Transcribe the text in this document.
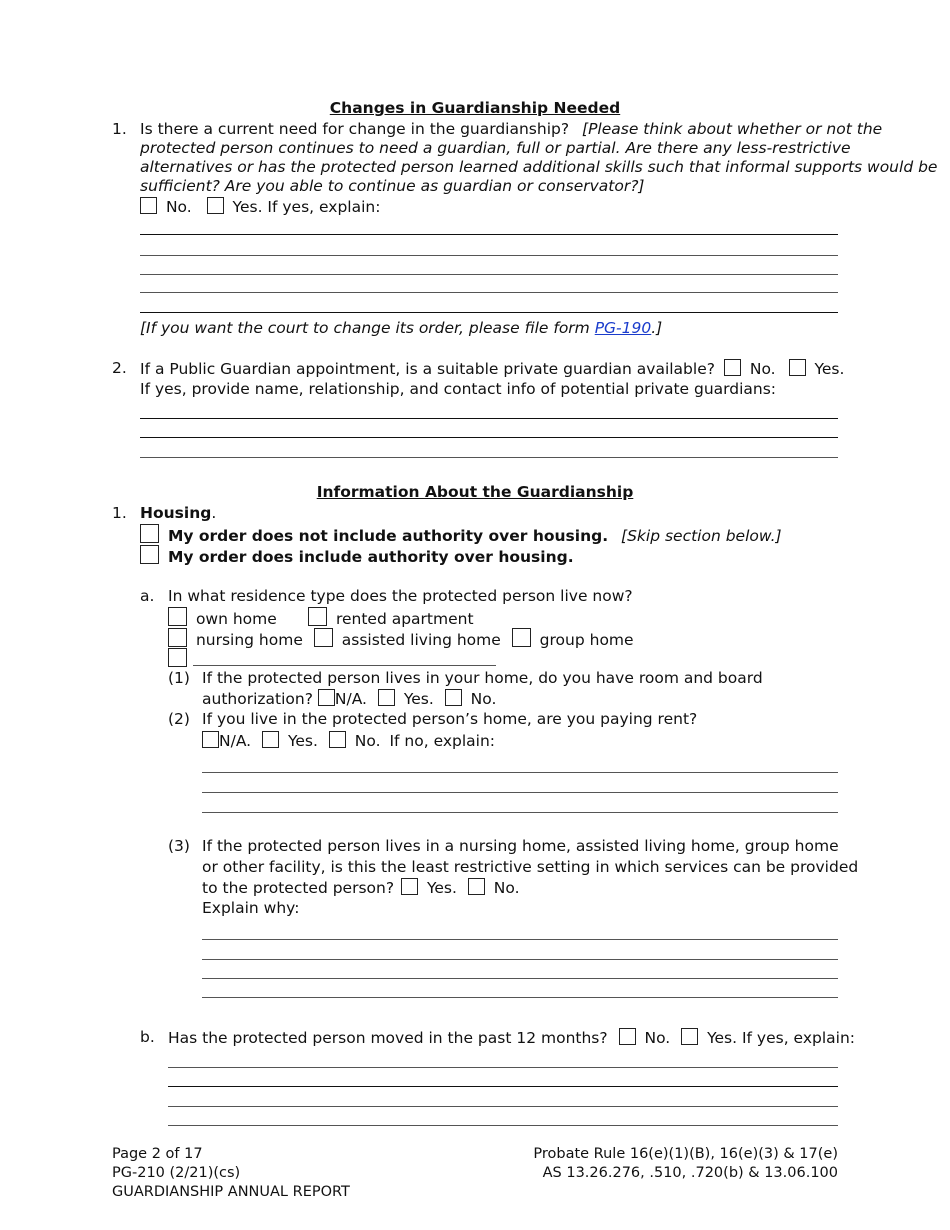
Changes in Guardianship Needed
1. Is there a current need for change in the guardianship? [Please think about whether or not the
protected person continues to need a guardian, full or partial. Are there any less-restrictive
alternatives or has the protected person learned additional skills such that informal supports would be
sufficient? Are you able to continue as guardian or conservator?]
No.	Yes. If yes, explain:
[If you want the court to change its order, please file form PG-190.]
2. If a Public Guardian appointment, is a suitable private guardian available? No.	Yes.
If yes, provide name, relationship, and contact info of potential private guardians:
Information About the Guardianship
1. Housing.
My order does not include authority over housing. [Skip section below.]
My order does include authority over housing.
a. In what residence type does the protected person live now?
own home	rented apartment
nursing home	assisted living home	group home
(1) If the protected person lives in your home, do you have room and board
authorization? N/A. Yes. No.
(2) If you live in the protected person’s home, are you paying rent?
N/A. Yes. No. If no, explain:
(3) If the protected person lives in a nursing home, assisted living home, group home
or other facility, is this the least restrictive setting in which services can be provided
to the protected person? Yes. No.
Explain why:
b. Has the protected person moved in the past 12 months? No. Yes. If yes, explain:
Page 2 of 17
PG-210 (2/21)(cs)
GUARDIANSHIP ANNUAL REPORT
Probate Rule 16(e)(1)(B), 16(e)(3) & 17(e)
AS 13.26.276, .510, .720(b) & 13.06.100
